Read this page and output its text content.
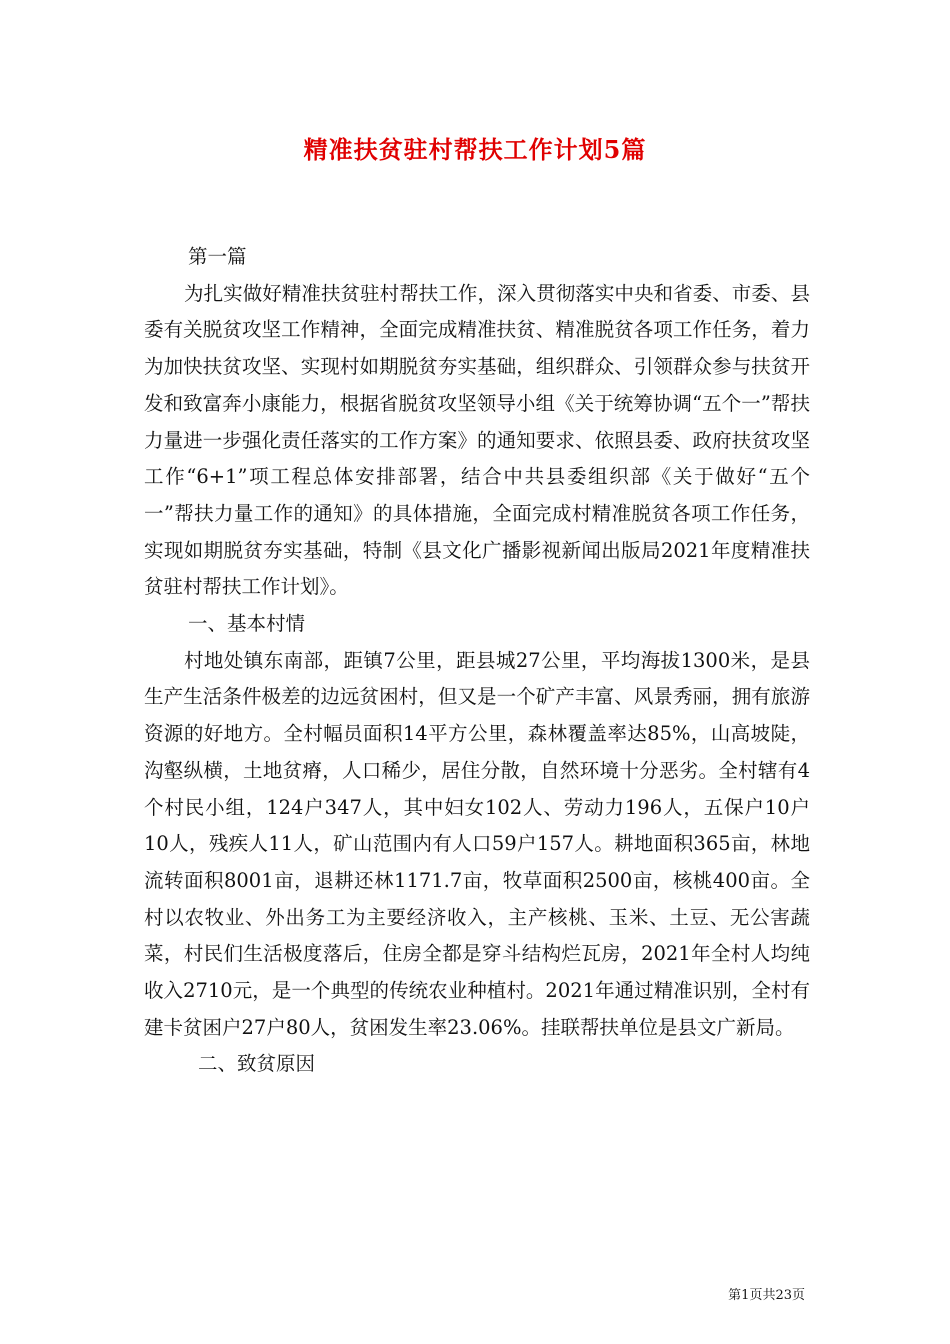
精准扶贫驻村帮扶工作计划5篇

第一篇

为扎实做好精准扶贫驻村帮扶工作，深入贯彻落实中央和省委、市委、县委有关脱贫攻坚工作精神，全面完成精准扶贫、精准脱贫各项工作任务，着力为加快扶贫攻坚、实现村如期脱贫夯实基础，组织群众、引领群众参与扶贫开发和致富奔小康能力，根据省脱贫攻坚领导小组《关于统筹协调“五个一”帮扶力量进一步强化责任落实的工作方案》的通知要求、依照县委、政府扶贫攻坚工作“6+1”项工程总体安排部署，结合中共县委组织部《关于做好“五个一”帮扶力量工作的通知》的具体措施，全面完成村精准脱贫各项工作任务，实现如期脱贫夯实基础，特制《县文化广播影视新闻出版局2021年度精准扶贫驻村帮扶工作计划》。

一、基本村情

村地处镇东南部，距镇7公里，距县城27公里，平均海拔1300米，是县生产生活条件极差的边远贫困村，但又是一个矿产丰富、风景秀丽，拥有旅游资源的好地方。全村幅员面积14平方公里，森林覆盖率达85%，山高坡陡，沟壑纵横，土地贫瘠，人口稀少，居住分散，自然环境十分恶劣。全村辖有4个村民小组，124户347人，其中妇女102人、劳动力196人，五保户10户10人，残疾人11人，矿山范围内有人口59户157人。耕地面积365亩，林地流转面积8001亩，退耕还林1171.7亩，牧草面积2500亩，核桃400亩。全村以农牧业、外出务工为主要经济收入，主产核桃、玉米、土豆、无公害蔬菜，村民们生活极度落后，住房全都是穿斗结构烂瓦房，2021年全村人均纯收入2710元，是一个典型的传统农业种植村。2021年通过精准识别，全村有建卡贫困户27户80人，贫困发生率23.06%。挂联帮扶单位是县文广新局。

二、致贫原因

第1页共23页
